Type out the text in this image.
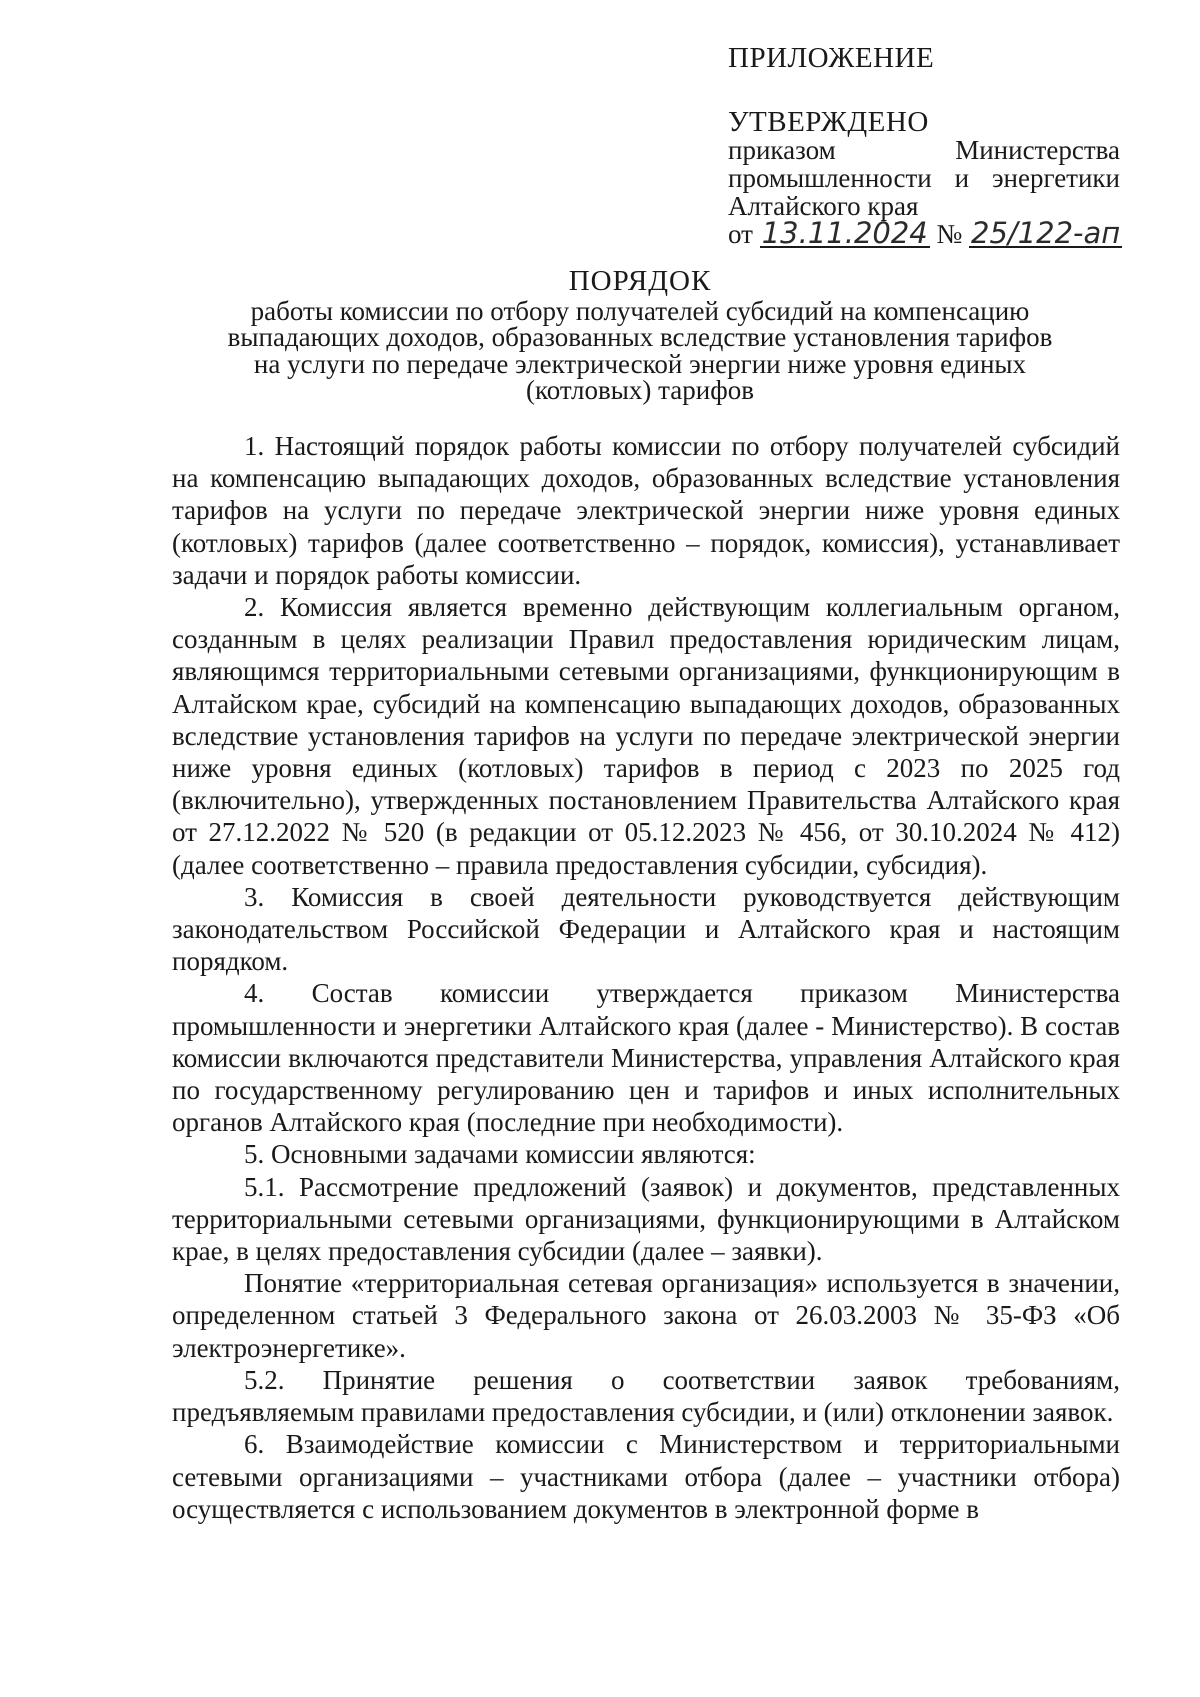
ПРИЛОЖЕНИЕ
УТВЕРЖДЕНО
приказом Министерства
промышленности и энергетики
Алтайского края
от 13.11.2024 № 25/122-ап
ПОРЯДОК
работы комиссии по отбору получателей субсидий на компенсацию
выпадающих доходов, образованных вследствие установления тарифов
на услуги по передаче электрической энергии ниже уровня единых
(котловых) тарифов

1. Настоящий порядок работы комиссии по отбору получателей субсидий на компенсацию выпадающих доходов, образованных вследствие установления тарифов на услуги по передаче электрической энергии ниже уровня единых (котловых) тарифов (далее соответственно – порядок, комиссия), устанавливает задачи и порядок работы комиссии.

2. Комиссия является временно действующим коллегиальным органом, созданным в целях реализации Правил предоставления юридическим лицам, являющимся территориальными сетевыми организациями, функционирующим в Алтайском крае, субсидий на компенсацию выпадающих доходов, образованных вследствие установления тарифов на услуги по передаче электрической энергии ниже уровня единых (котловых) тарифов в период с 2023 по 2025 год (включительно), утвержденных постановлением Правительства Алтайского края от 27.12.2022 № 520 (в редакции от 05.12.2023 № 456, от 30.10.2024 № 412) (далее соответственно – правила предоставления субсидии, субсидия).

3. Комиссия в своей деятельности руководствуется действующим законодательством Российской Федерации и Алтайского края и настоящим порядком.

4. Состав комиссии утверждается приказом Министерства промышленности и энергетики Алтайского края (далее - Министерство). В состав комиссии включаются представители Министерства, управления Алтайского края по государственному регулированию цен и тарифов и иных исполнительных органов Алтайского края (последние при необходимости).

5. Основными задачами комиссии являются:

5.1. Рассмотрение предложений (заявок) и документов, представленных территориальными сетевыми организациями, функционирующими в Алтайском крае, в целях предоставления субсидии (далее – заявки).

Понятие «территориальная сетевая организация» используется в значении, определенном статьей 3 Федерального закона от 26.03.2003 № 35-ФЗ «Об электроэнергетике».

5.2. Принятие решения о соответствии заявок требованиям, предъявляемым правилами предоставления субсидии, и (или) отклонении заявок.

6. Взаимодействие комиссии с Министерством и территориальными сетевыми организациями – участниками отбора (далее – участники отбора) осуществляется с использованием документов в электронной форме в
